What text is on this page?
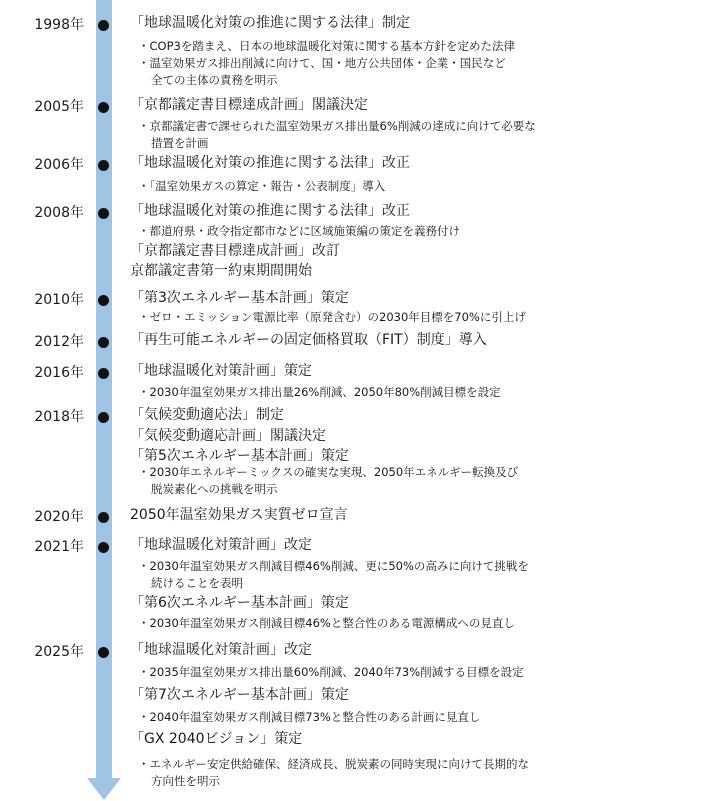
1998年	「地球温暖化対策の推進に関する法律」制定
・COP3を踏まえ、日本の地球温暖化対策に関する基本方針を定めた法律
・温室効果ガス排出削減に向けて、国・地方公共団体・企業・国民など
全ての主体の責務を明示
2005年	「京都議定書目標達成計画」閣議決定
・京都議定書で課せられた温室効果ガス排出量6%削減の達成に向けて必要な
措置を計画
2006年	「地球温暖化対策の推進に関する法律」改正
・「温室効果ガスの算定・報告・公表制度」導入
2008年	「地球温暖化対策の推進に関する法律」改正
・都道府県・政令指定都市などに区域施策編の策定を義務付け
「京都議定書目標達成計画」改訂
京都議定書第一約束期間開始
2010年	「第3次エネルギー基本計画」策定
・ゼロ・エミッション電源比率（原発含む）の2030年目標を70%に引上げ
2012年	「再生可能エネルギーの固定価格買取（FIT）制度」導入
2016年	「地球温暖化対策計画」策定
・2030年温室効果ガス排出量26%削減、2050年80%削減目標を設定
2018年	「気候変動適応法」制定
「気候変動適応計画」閣議決定
「第5次エネルギー基本計画」策定
・2030年エネルギーミックスの確実な実現、2050年エネルギー転換及び
脱炭素化への挑戦を明示
2020年	2050年温室効果ガス実質ゼロ宣言
2021年	「地球温暖化対策計画」改定
・2030年温室効果ガス削減目標46%削減、更に50%の高みに向けて挑戦を
続けることを表明
「第6次エネルギー基本計画」策定
・2030年温室効果ガス削減目標46%と整合性のある電源構成への見直し
2025年	「地球温暖化対策計画」改定
・2035年温室効果ガス排出量60%削減、2040年73%削減する目標を設定
「第7次エネルギー基本計画」策定
・2040年温室効果ガス削減目標73%と整合性のある計画に見直し
「GX 2040ビジョン」策定
・エネルギー安定供給確保、経済成長、脱炭素の同時実現に向けて長期的な
方向性を明示
